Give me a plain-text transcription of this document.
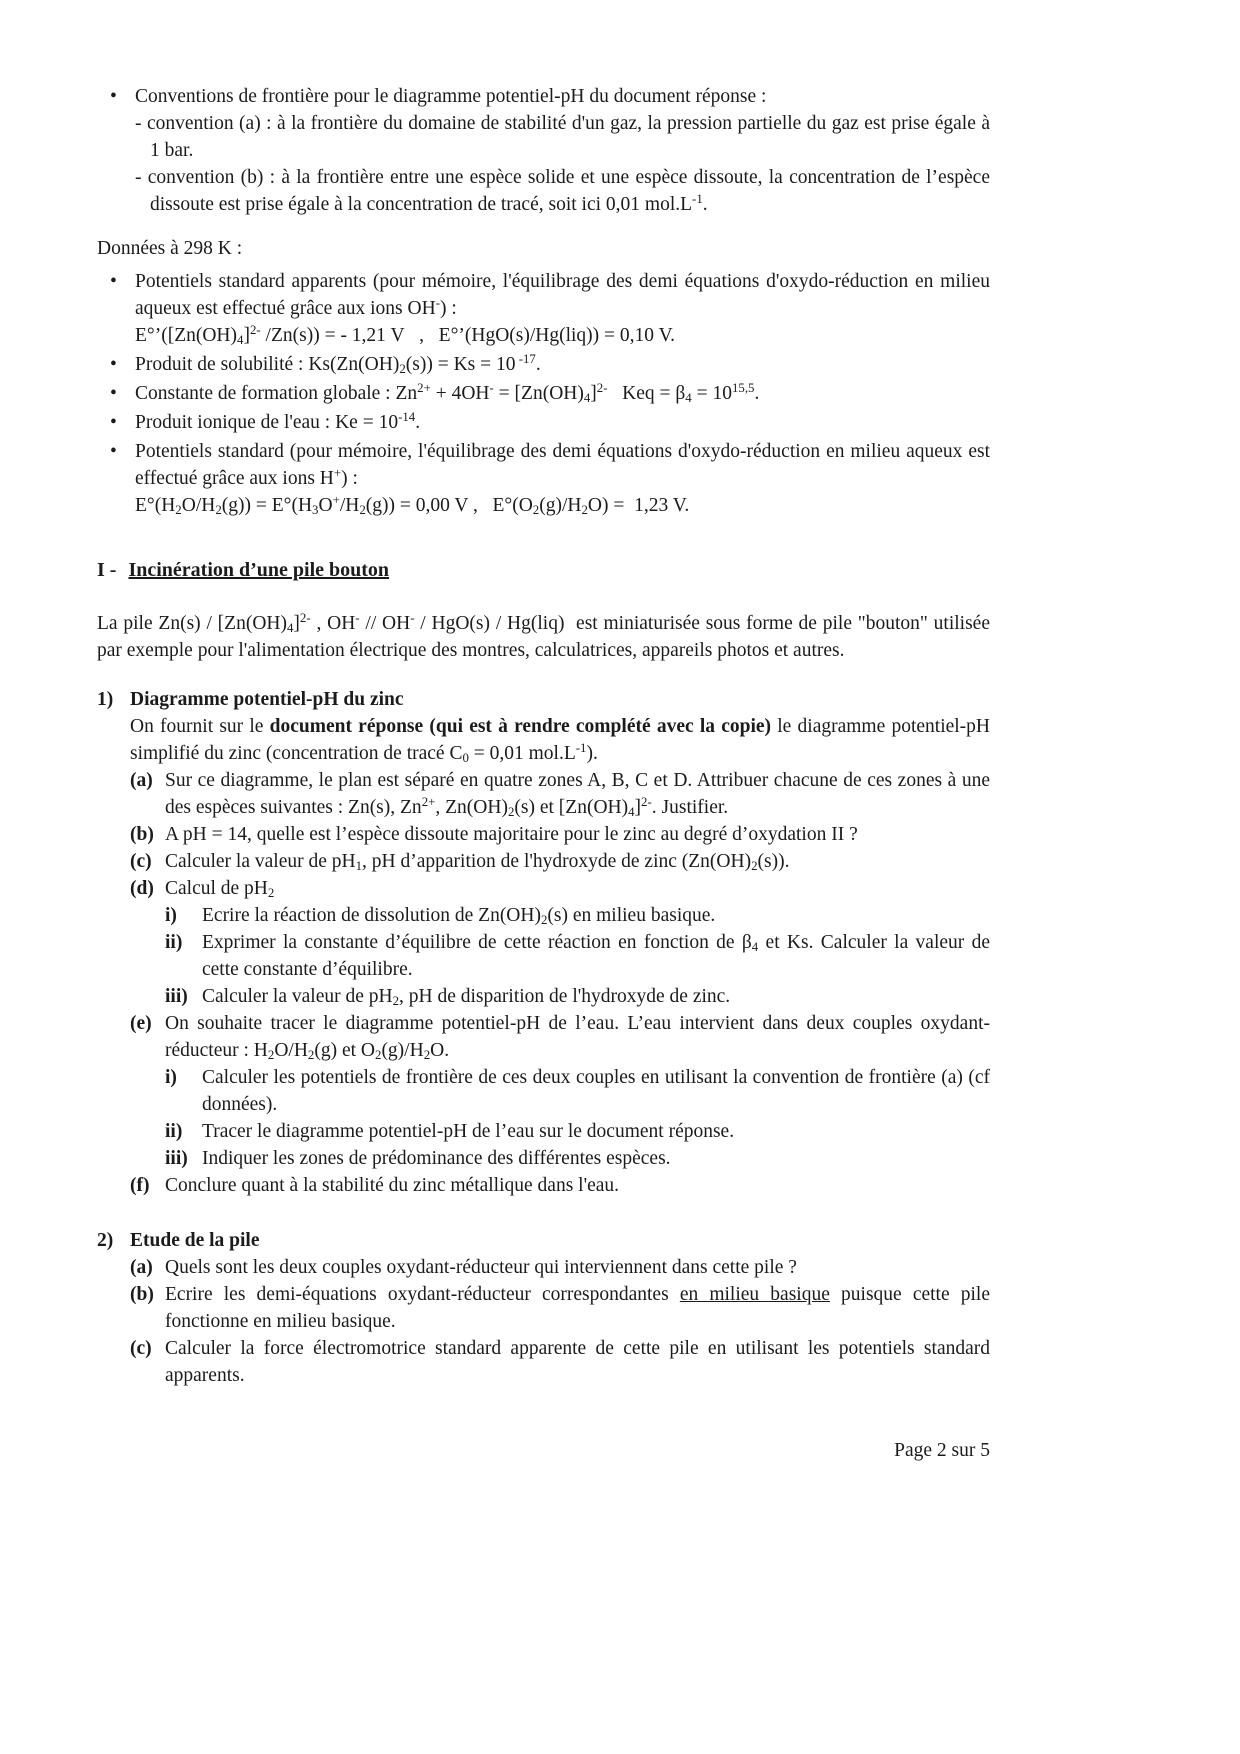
•
Conventions de frontière pour le diagramme potentiel-pH du document réponse :
- convention (a) : à la frontière du domaine de stabilité d'un gaz, la pression partielle du gaz est prise égale à 1 bar.
- convention (b) : à la frontière entre une espèce solide et une espèce dissoute, la concentration de l’espèce dissoute est prise égale à la concentration de tracé, soit ici 0,01 $mol.L^{-1}$.
Données à 298 K :
•
Potentiels standard apparents (pour mémoire, l'équilibrage des demi équations d'oxydo-réduction en milieu aqueux est effectué grâce aux ions OH-) :
$E^\circ’([Zn(OH)_4]^{2-}$ /Zn(s)) = - 1,21 V   ,   E°’(HgO(s)/Hg(liq)) = 0,10 V.
•
Produit de solubilité : $Ks(Zn(OH)_2(s)) = Ks = 10$ $^{-17}$.
•
Constante de formation globale : $Zn^{2+} + 4OH^- = [Zn(OH)_4]^{2-}$   Keq = $\beta_4 = 10^{15,5}$.
•
Produit ionique de l'eau : $Ke = 10^{-14}$.
•
Potentiels standard (pour mémoire, l'équilibrage des demi équations d'oxydo-réduction en milieu aqueux est effectué grâce aux ions H+) :
$E^\circ(H_2O/H_2(g)) = E^\circ(H_3O^+/H_2(g)) = 0,00$ V ,   $E^\circ(O_2(g)/H_2O) = 1,23$ V.
I - Incinération d’une pile bouton

La pile $Zn(s) / [Zn(OH)_4]^{2-}$ , OH- // OH- / HgO(s) / Hg(liq)  est miniaturisée sous forme de pile "bouton" utilisée par exemple pour l'alimentation électrique des montres, calculatrices, appareils photos et autres.

1) Diagramme potentiel-pH du zinc
On fournit sur le document réponse (qui est à rendre complété avec la copie) le diagramme potentiel-pH simplifié du zinc (concentration de tracé $C_0 = 0,01$ $mol.L^{-1}$).
(a) Sur ce diagramme, le plan est séparé en quatre zones A, B, C et D. Attribuer chacune de ces zones à une des espèces suivantes : Zn(s), $Zn^{2+}$, $Zn(OH)_2(s)$ et $[Zn(OH)_4]^{2-}$. Justifier.
(b) A pH = 14, quelle est l’espèce dissoute majoritaire pour le zinc au degré d’oxydation II ?
(c) Calculer la valeur de $pH_1$, pH d’apparition de l'hydroxyde de zinc $(Zn(OH)_2(s))$.
(d) Calcul de $pH_2$
i)	Ecrire la réaction de dissolution de $Zn(OH)_2(s)$ en milieu basique.
ii)	Exprimer la constante d’équilibre de cette réaction en fonction de $\beta_4$ et Ks. Calculer la valeur de cette constante d’équilibre.
iii) Calculer la valeur de $pH_2$, pH de disparition de l'hydroxyde de zinc.
(e) On souhaite tracer le diagramme potentiel-pH de l’eau. L’eau intervient dans deux couples oxydant-réducteur : $H_2O/H_2(g)$ et $O_2(g)/H_2O$.
i)	Calculer les potentiels de frontière de ces deux couples en utilisant la convention de frontière (a) (cf données).
ii)	Tracer le diagramme potentiel-pH de l’eau sur le document réponse.
iii) Indiquer les zones de prédominance des différentes espèces.
(f) Conclure quant à la stabilité du zinc métallique dans l'eau.
2) Etude de la pile
(a) Quels sont les deux couples oxydant-réducteur qui interviennent dans cette pile ?
(b) Ecrire les demi-équations oxydant-réducteur correspondantes en milieu basique puisque cette pile fonctionne en milieu basique.
(c) Calculer la force électromotrice standard apparente de cette pile en utilisant les potentiels standard apparents.
Page 2 sur 5
